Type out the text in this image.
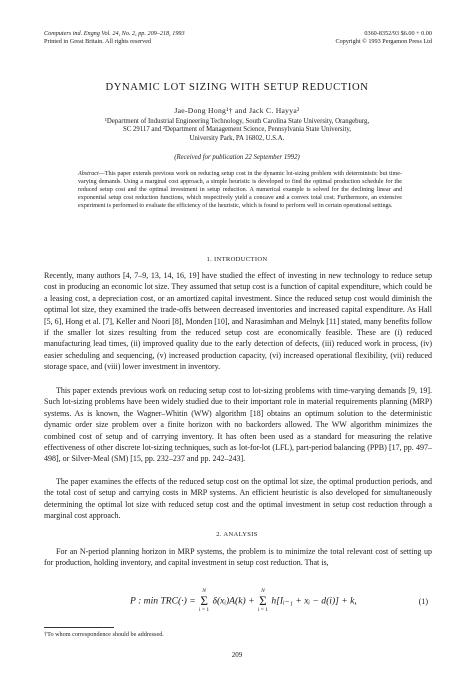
Computers ind. Engng Vol. 24, No. 2, pp. 209–218, 1993
Printed in Great Britain. All rights reserved
0360-8352/93 $6.00 + 0.00
Copyright © 1993 Pergamon Press Ltd
DYNAMIC LOT SIZING WITH SETUP REDUCTION
Jae-Dong Hong¹† and Jack C. Hayya²
¹Department of Industrial Engineering Technology, South Carolina State University, Orangeburg,
SC 29117 and ²Department of Management Science, Pennsylvania State University,
University Park, PA 16802, U.S.A.
(Received for publication 22 September 1992)
Abstract—This paper extends previous work on reducing setup cost in the dynamic lot-sizing problem with deterministic but time-varying demands. Using a marginal cost approach, a simple heuristic is developed to find the optimal production schedule for the reduced setup cost and the optimal investment in setup reduction. A numerical example is solved for the declining linear and exponential setup cost reduction functions, which respectively yield a concave and a convex total cost. Furthermore, an extensive experiment is performed to evaluate the efficiency of the heuristic, which is found to perform well in certain operational settings.
1. INTRODUCTION

Recently, many authors [4, 7–9, 13, 14, 16, 19] have studied the effect of investing in new technology to reduce setup cost in producing an economic lot size. They assumed that setup cost is a function of capital expenditure, which could be a leasing cost, a depreciation cost, or an amortized capital investment. Since the reduced setup cost would diminish the optimal lot size, they examined the trade-offs between decreased inventories and increased capital expenditure. As Hall [5, 6], Hong et al. [7], Keller and Noori [8], Monden [10], and Narasimhan and Melnyk [11] stated, many benefits follow if the smaller lot sizes resulting from the reduced setup cost are economically feasible. These are (i) reduced manufacturing lead times, (ii) improved quality due to the early detection of defects, (iii) reduced work in process, (iv) easier scheduling and sequencing, (v) increased production capacity, (vi) increased operational flexibility, (vii) reduced storage space, and (viii) lower investment in inventory.

This paper extends previous work on reducing setup cost to lot-sizing problems with time-varying demands [9, 19]. Such lot-sizing problems have been widely studied due to their important role in material requirements planning (MRP) systems. As is known, the Wagner–Whitin (WW) algorithm [18] obtains an optimum solution to the deterministic dynamic order size problem over a finite horizon with no backorders allowed. The WW algorithm minimizes the combined cost of setup and of carrying inventory. It has often been used as a standard for measuring the relative effectiveness of other discrete lot-sizing techniques, such as lot-for-lot (LFL), part-period balancing (PPB) [17, pp. 497–498], or Silver-Meal (SM) [15, pp. 232–237 and pp. 242–243].

The paper examines the effects of the reduced setup cost on the optimal lot size, the optimal production periods, and the total cost of setup and carrying costs in MRP systems. An efficient heuristic is also developed for simultaneously determining the optimal lot size with reduced setup cost and the optimal investment in setup cost reduction through a marginal cost approach.

2. ANALYSIS

For an N-period planning horizon in MRP systems, the problem is to minimize the total relevant cost of setting up for production, holding inventory, and capital investment in setup cost reduction. That is,

P : min TRC(·) =
N
Σ
i = 1
δ(xᵢ)A(k) +
N
Σ
i = 1
h[Iᵢ₋₁ + xᵢ − d(i)] + k,	(1)
†To whom correspondence should be addressed.
209
